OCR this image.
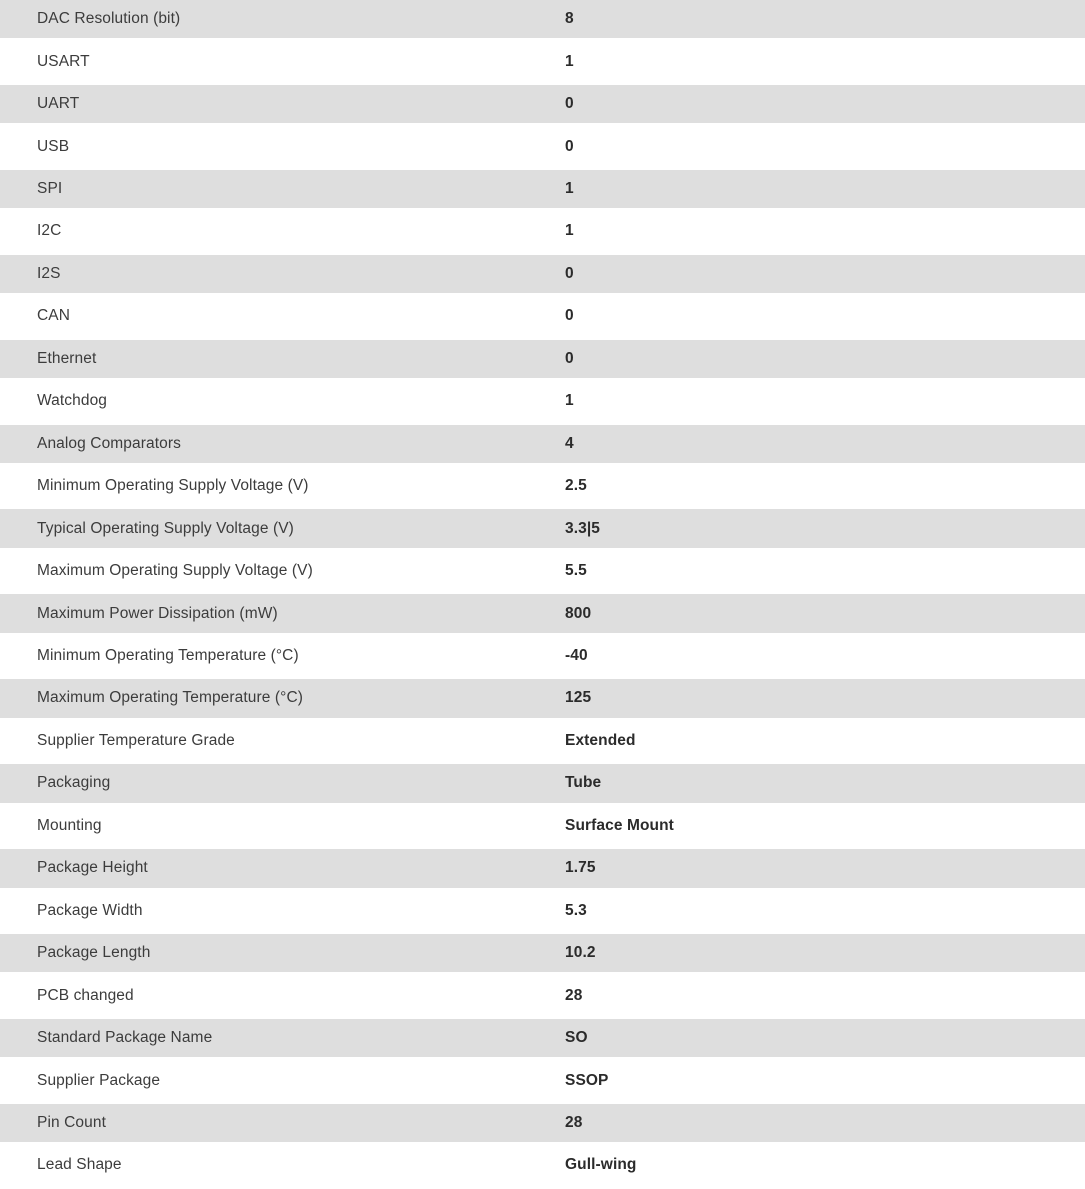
DAC Resolution (bit)	8
USART	1
UART	0
USB	0
SPI	1
I2C	1
I2S	0
CAN	0
Ethernet	0
Watchdog	1
Analog Comparators	4
Minimum Operating Supply Voltage (V)	2.5
Typical Operating Supply Voltage (V)	3.3|5
Maximum Operating Supply Voltage (V)	5.5
Maximum Power Dissipation (mW)	800
Minimum Operating Temperature (°C)	-40
Maximum Operating Temperature (°C)	125
Supplier Temperature Grade	Extended
Packaging	Tube
Mounting	Surface Mount
Package Height	1.75
Package Width	5.3
Package Length	10.2
PCB changed	28
Standard Package Name	SO
Supplier Package	SSOP
Pin Count	28
Lead Shape	Gull-wing
